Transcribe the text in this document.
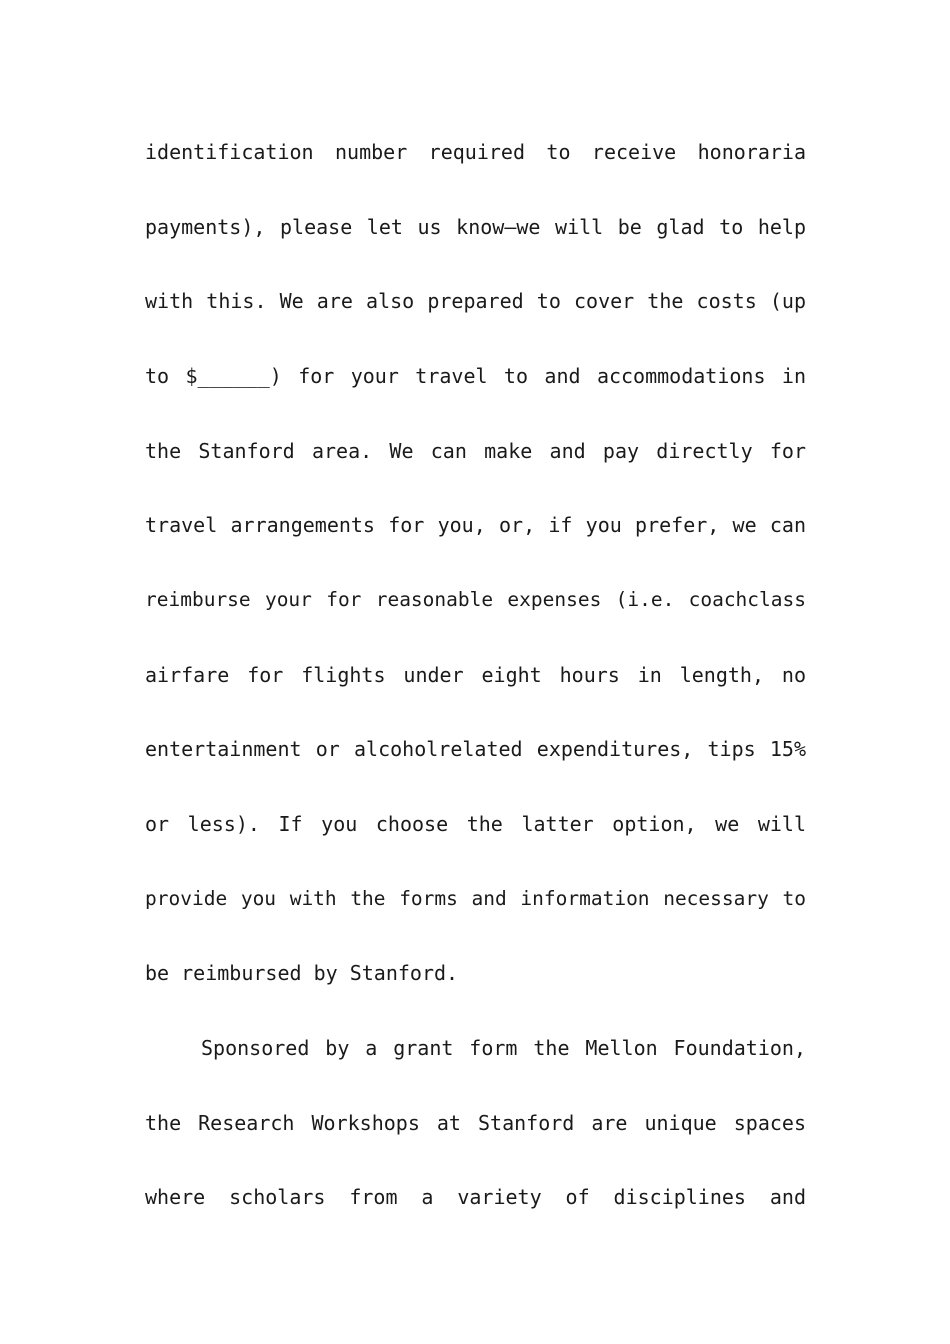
identification number required to receive honoraria
payments), please let us know—we will be glad to help
with this. We are also prepared to cover the costs (up
to $______) for your travel to and accommodations in
the Stanford area. We can make and pay directly for
travel arrangements for you, or, if you prefer, we can
reimburse your for reasonable expenses (i.e. coachclass
airfare for flights under eight hours in length, no
entertainment or alcoholrelated expenditures, tips 15%
or less). If you choose the latter option, we will
provide you with the forms and information necessary to
be reimbursed by Stanford.
Sponsored by a grant form the Mellon Foundation,
the Research Workshops at Stanford are unique spaces
where scholars from a variety of disciplines and
